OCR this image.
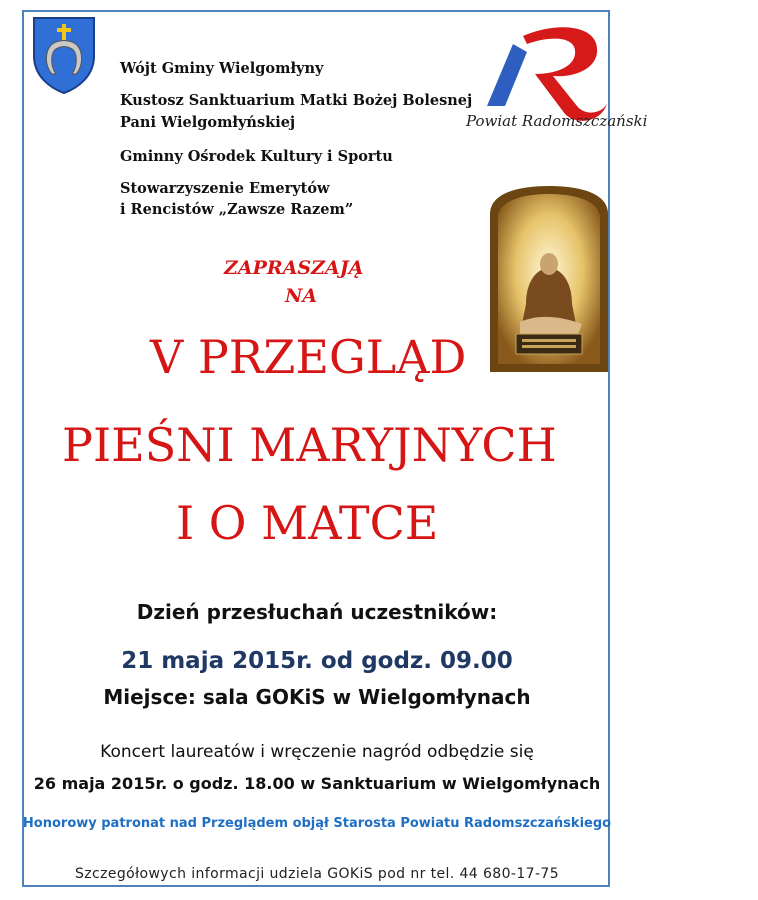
Wójt Gminy Wielgomłyny
Kustosz Sanktuarium Matki Bożej Bolesnej
Pani Wielgomłyńskiej
Gminny Ośrodek Kultury i Sportu
Stowarzyszenie Emerytów
i Rencistów „Zawsze Razem”
Powiat Radomszczański
ZAPRASZAJĄ
NA
V PRZEGLĄD
PIEŚNI MARYJNYCH
I O MATCE
Dzień przesłuchań uczestników:
21 maja 2015r. od godz. 09.00
Miejsce: sala GOKiS w Wielgomłynach
Koncert laureatów i wręczenie nagród odbędzie się
26 maja 2015r. o godz. 18.00 w Sanktuarium w Wielgomłynach
Honorowy patronat nad Przeglądem objął Starosta Powiatu Radomszczańskiego
Szczegółowych informacji udziela GOKiS pod nr tel. 44 680-17-75
